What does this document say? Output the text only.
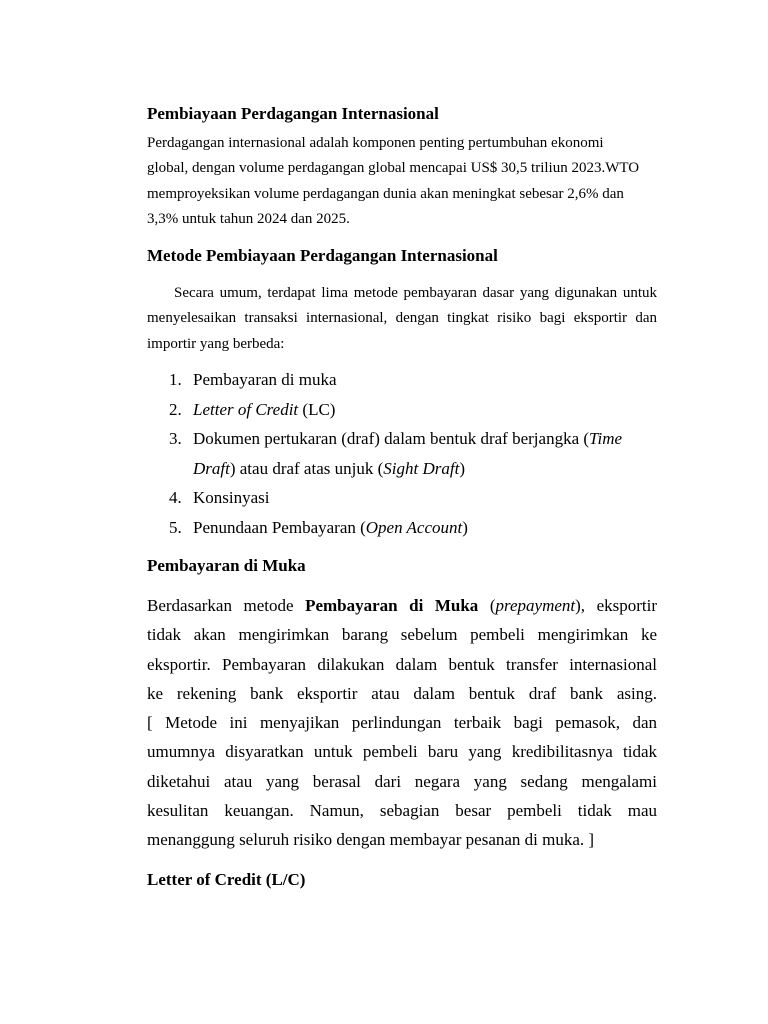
Pembiayaan Perdagangan Internasional
Perdagangan internasional adalah komponen penting pertumbuhan ekonomi
global, dengan volume perdagangan global mencapai US$ 30,5 triliun 2023.WTO
memproyeksikan volume perdagangan dunia akan meningkat sebesar 2,6% dan
3,3% untuk tahun 2024 dan 2025.
Metode Pembiayaan Perdagangan Internasional
Secara umum, terdapat lima metode pembayaran dasar yang digunakan untuk
menyelesaikan transaksi internasional, dengan tingkat risiko bagi eksportir dan
importir yang berbeda:
1. Pembayaran di muka
2. Letter of Credit (LC)
3. Dokumen pertukaran (draf) dalam bentuk draf berjangka (Time
Draft) atau draf atas unjuk (Sight Draft)
4. Konsinyasi
5. Penundaan Pembayaran (Open Account)
Pembayaran di Muka
Berdasarkan metode Pembayaran di Muka (prepayment), eksportir
tidak akan mengirimkan barang sebelum pembeli mengirimkan ke
eksportir. Pembayaran dilakukan dalam bentuk transfer internasional
ke rekening bank eksportir atau dalam bentuk draf bank asing.
[ Metode ini menyajikan perlindungan terbaik bagi pemasok, dan
umumnya disyaratkan untuk pembeli baru yang kredibilitasnya tidak
diketahui atau yang berasal dari negara yang sedang mengalami
kesulitan keuangan. Namun, sebagian besar pembeli tidak mau
menanggung seluruh risiko dengan membayar pesanan di muka. ]
Letter of Credit (L/C)
